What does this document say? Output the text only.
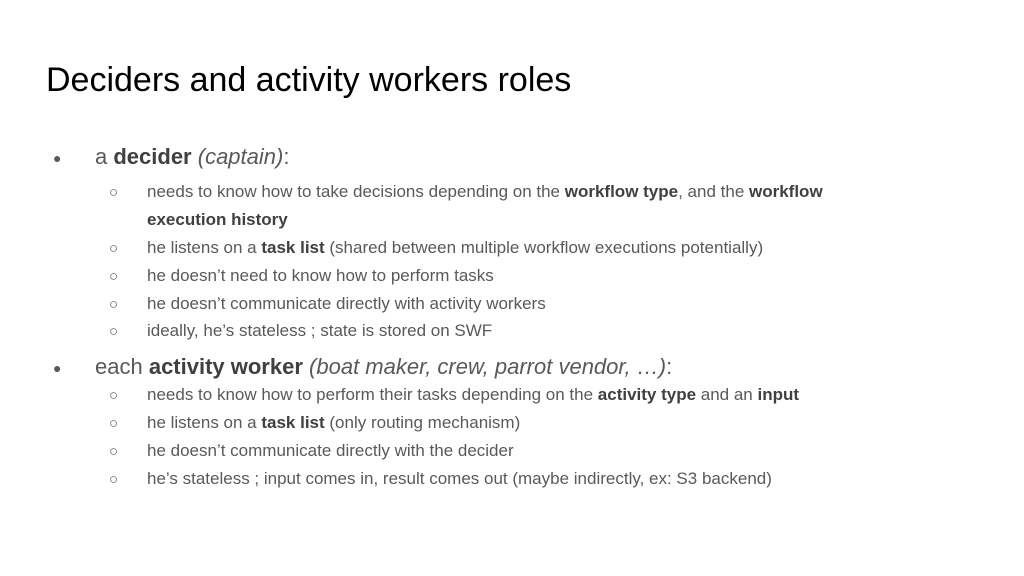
Deciders and activity workers roles
● a decider (captain):
○ needs to know how to take decisions depending on the workflow type, and the workflow
execution history
○ he listens on a task list (shared between multiple workflow executions potentially)
○ he doesn’t need to know how to perform tasks
○ he doesn’t communicate directly with activity workers
○ ideally, he’s stateless ; state is stored on SWF
● each activity worker (boat maker, crew, parrot vendor, …):
○ needs to know how to perform their tasks depending on the activity type and an input
○ he listens on a task list (only routing mechanism)
○ he doesn’t communicate directly with the decider
○ he’s stateless ; input comes in, result comes out (maybe indirectly, ex: S3 backend)
